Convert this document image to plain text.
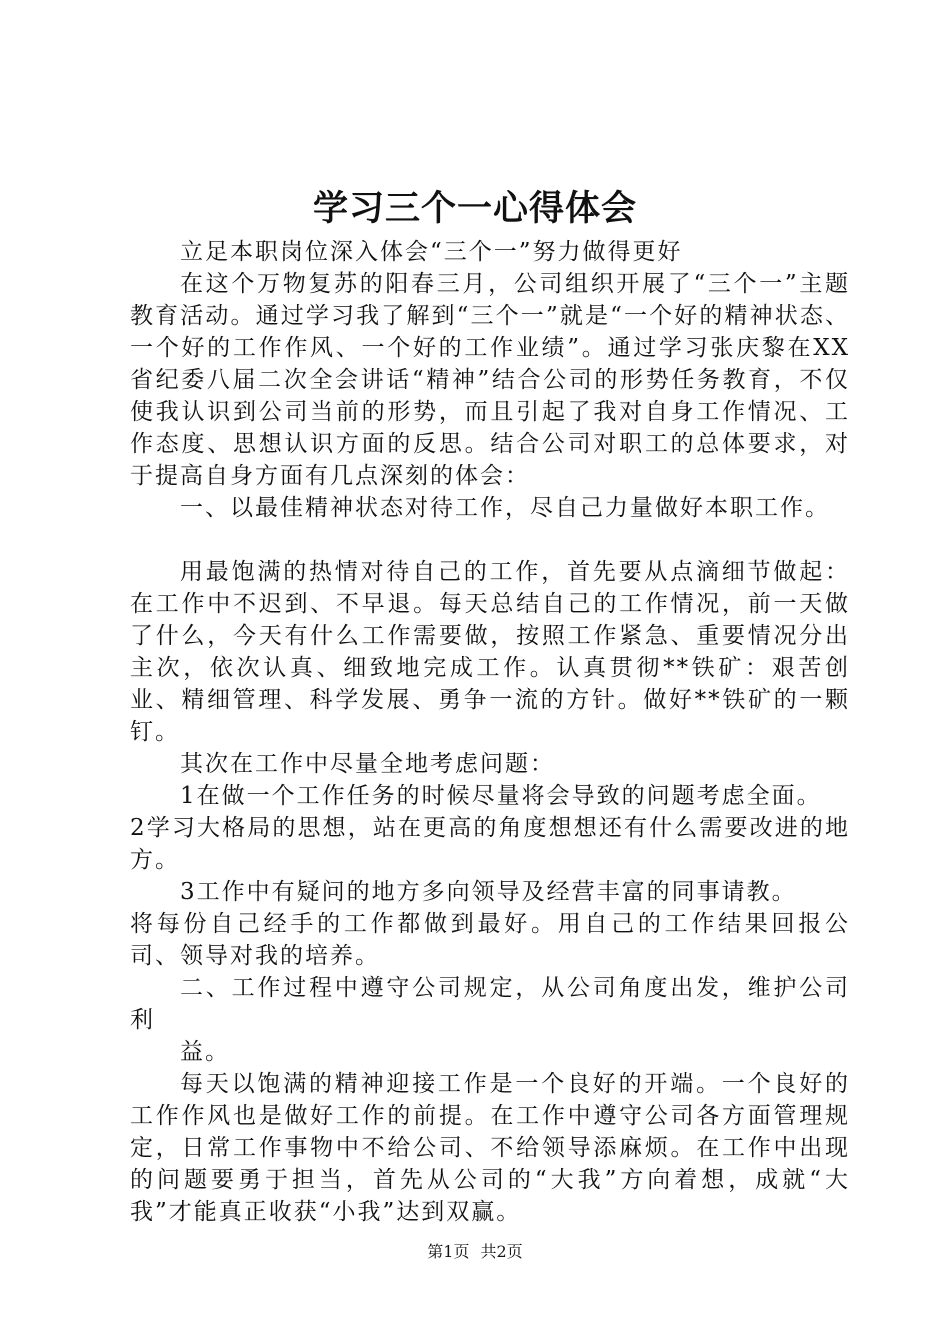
学习三个一心得体会

立足本职岗位深入体会“三个一”努力做得更好

在这个万物复苏的阳春三月，公司组织开展了“三个一”主题教育活动。通过学习我了解到“三个一”就是“一个好的精神状态、一个好的工作作风、一个好的工作业绩”。通过学习张庆黎在XX省纪委八届二次全会讲话“精神”结合公司的形势任务教育，不仅使我认识到公司当前的形势，而且引起了我对自身工作情况、工作态度、思想认识方面的反思。结合公司对职工的总体要求，对于提高自身方面有几点深刻的体会：

一、以最佳精神状态对待工作，尽自己力量做好本职工作。

用最饱满的热情对待自己的工作，首先要从点滴细节做起：在工作中不迟到、不早退。每天总结自己的工作情况，前一天做了什么，今天有什么工作需要做，按照工作紧急、重要情况分出主次，依次认真、细致地完成工作。认真贯彻**铁矿：艰苦创业、精细管理、科学发展、勇争一流的方针。做好**铁矿的一颗钉。

其次在工作中尽量全地考虑问题：

1在做一个工作任务的时候尽量将会导致的问题考虑全面。

2学习大格局的思想，站在更高的角度想想还有什么需要改进的地方。

3工作中有疑问的地方多向领导及经营丰富的同事请教。

将每份自己经手的工作都做到最好。用自己的工作结果回报公司、领导对我的培养。

二、工作过程中遵守公司规定，从公司角度出发，维护公司利

益。

每天以饱满的精神迎接工作是一个良好的开端。一个良好的工作作风也是做好工作的前提。在工作中遵守公司各方面管理规定，日常工作事物中不给公司、不给领导添麻烦。在工作中出现的问题要勇于担当，首先从公司的“大我”方向着想，成就“大我”才能真正收获“小我”达到双赢。

第1页 共2页
